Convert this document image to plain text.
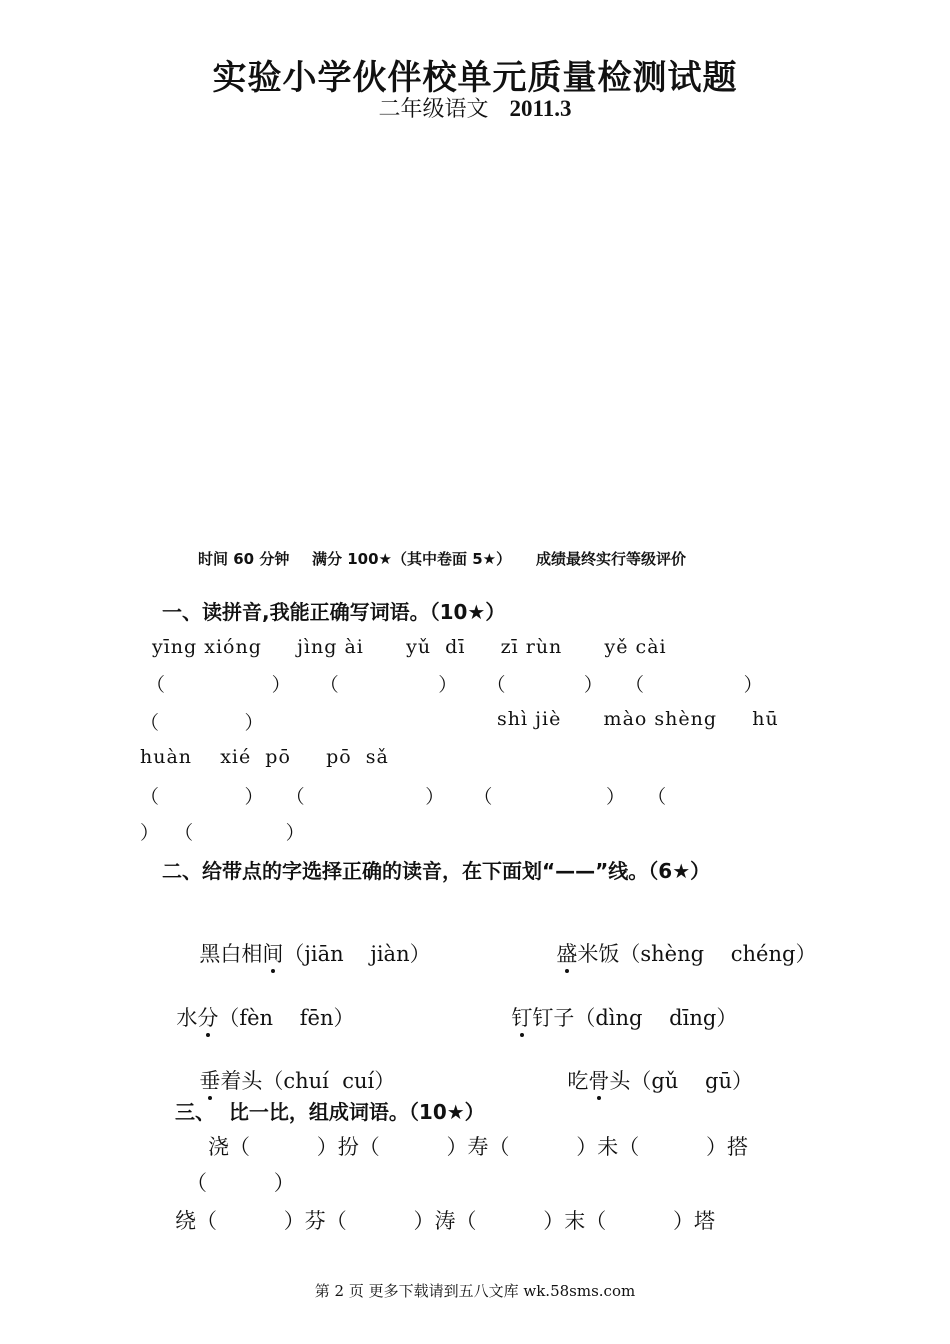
实验小学伙伴校单元质量检测试题
二年级语文 2011.3
时间 60 分钟 满分 100★（其中卷面 5★） 成绩最终实行等级评价
一、读拼音,我能正确写词语。（10★）
yīng xióng     jìng ài      yǔ  dī     zī rùn      yě cài
（               ）    （              ）    （           ）   （              ）
（            ）	shì jiè      mào shèng     hū
huàn    xié  pō     pō  sǎ
（            ）   （                 ）    （                ）   （
）  （             ）
二、给带点的字选择正确的读音，在下面划“——”线。（6★）

黑白相间（jiān    jiàn）	盛米饭（shèng    chéng）

水分（fèn    fēn）	钉钉子（dìng    dīng）

垂着头（chuí  cuí）	吃骨头（gǔ    gū）

三、  比一比，组成词语。（10★）
浇（          ）扮（          ）寿（          ）未（          ）搭
（          ）
绕（          ）芬（          ）涛（          ）末（          ）塔
第 2 页 更多下载请到五八文库 wk.58sms.com
